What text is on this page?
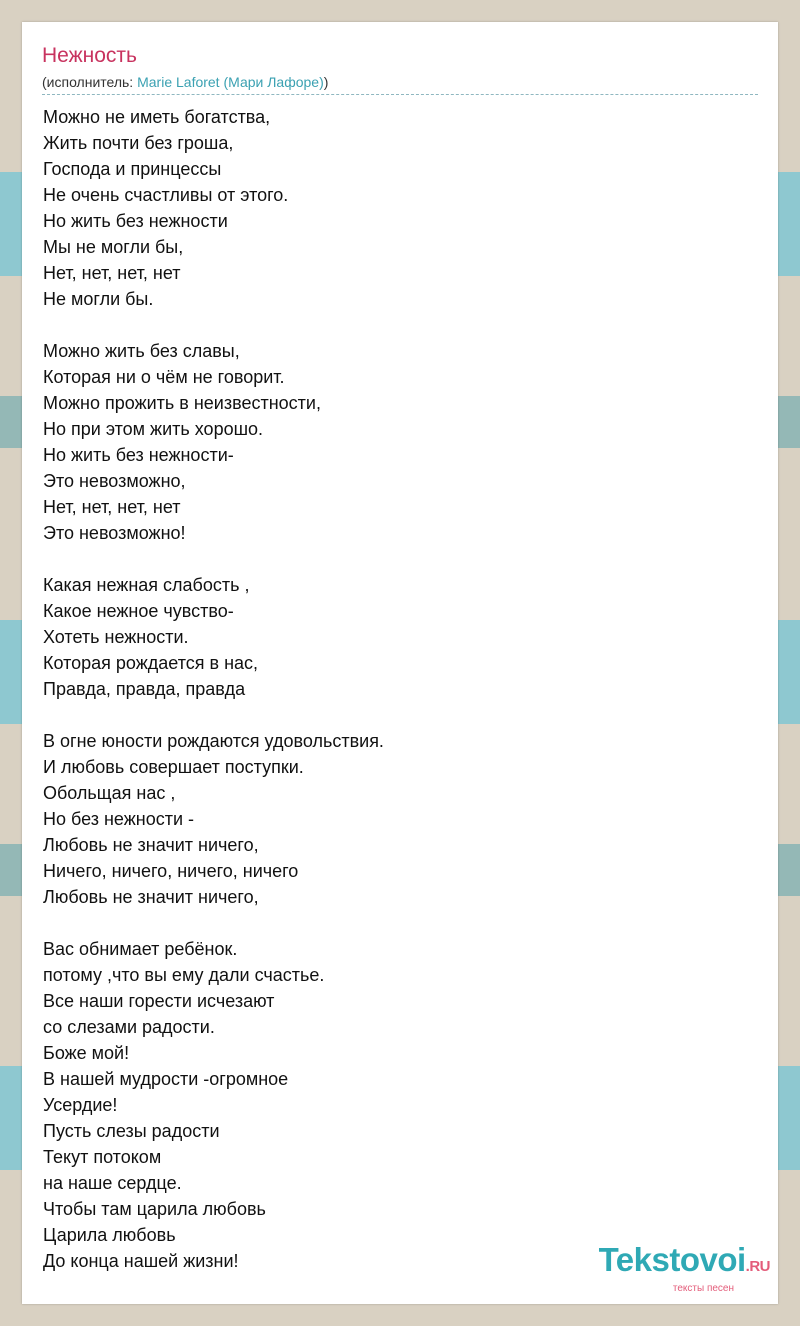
Нежность
(исполнитель: Marie Laforet (Мари Лафоре))
Можно не иметь богатства,
Жить почти без гроша,
Господа и принцессы
Не очень счастливы от этого.
Но жить без нежности
Мы не могли бы,
Нет, нет, нет, нет
Не могли бы.
Можно жить без славы,
Которая ни о чём не говорит.
Можно прожить в неизвестности,
Но при этом жить хорошо.
Но жить без нежности-
Это невозможно,
Нет, нет, нет, нет
Это невозможно!
Какая нежная слабость ,
Какое нежное чувство-
Хотеть нежности.
Которая рождается в нас,
Правда, правда, правда
В огне юности рождаются удовольствия.
И любовь совершает поступки.
Обольщая нас ,
Но без нежности -
Любовь не значит ничего,
Ничего, ничего, ничего, ничего
Любовь не значит ничего,
Вас обнимает ребёнок.
потому ,что вы ему дали счастье.
Все наши горести исчезают
со слезами радости.
Боже мой!
В нашей мудрости -огромное
Усердие!
Пусть слезы радости
Текут потоком
на наше сердце.
Чтобы там царила любовь
Царила любовь
До конца нашей жизни!	Tekstovoi.RU
тексты песен
